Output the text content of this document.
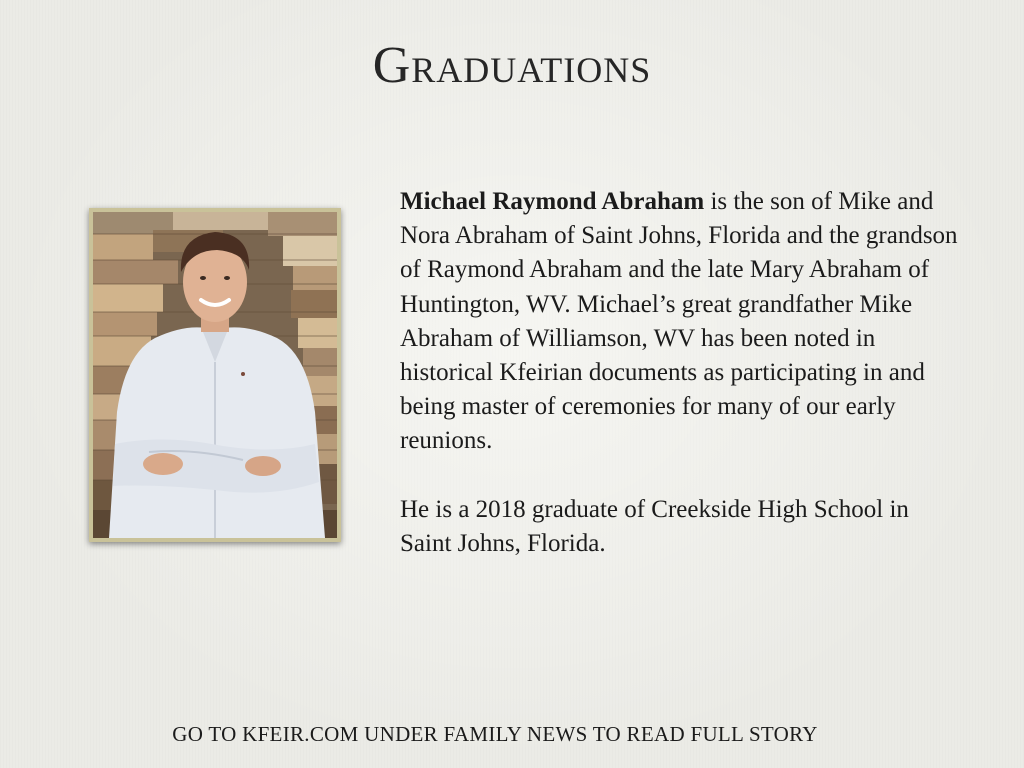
Graduations

Michael Raymond Abraham is the son of Mike and Nora Abraham of Saint Johns, Florida and the grandson of Raymond Abraham and the late Mary Abraham of Huntington, WV. Michael’s great grandfather Mike Abraham of Williamson, WV has been noted in historical Kfeirian documents as participating in and being master of ceremonies for many of our early reunions.

He is a 2018 graduate of Creekside High School in Saint Johns, Florida.

GO TO KFEIR.COM UNDER FAMILY NEWS TO READ FULL STORY
